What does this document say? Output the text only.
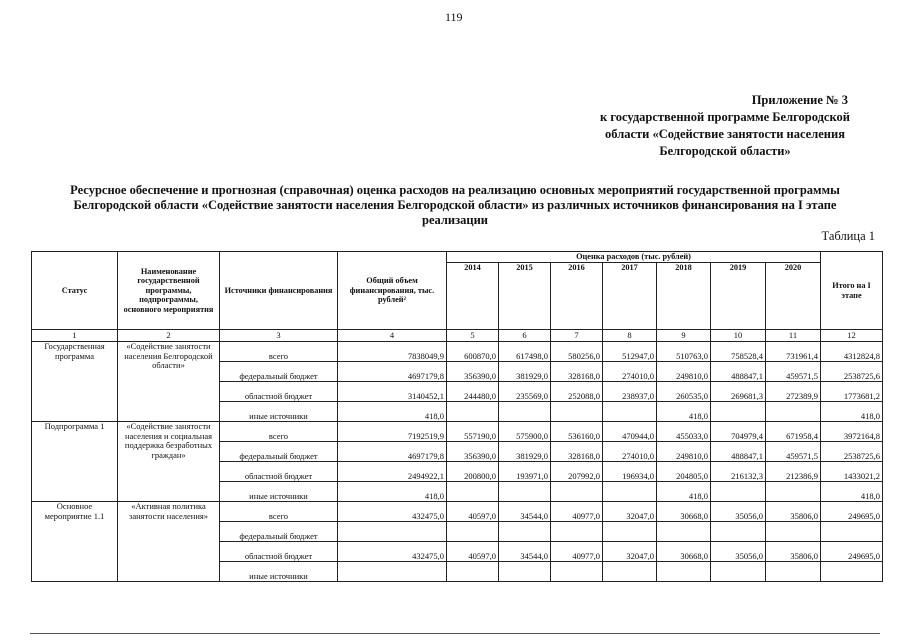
119
Приложение № 3
к государственной программе Белгородской
области «Содействие занятости населения
Белгородской области»
Ресурсное обеспечение и прогнозная (справочная) оценка расходов на реализацию основных мероприятий государственной программы Белгородской области «Содействие занятости населения Белгородской области» из различных источников финансирования на I этапе реализации
Таблица 1
Статус	Наименование государственной программы, подпрограммы, основного мероприятия	Источники финансирования	Общий объем финансирования, тыс. рублей²	Оценка расходов (тыс. рублей)							Итого на I этапе
				2014	2015	2016	2017	2018	2019	2020	
1	2	3	4	5	6	7	8	9	10	11	12
Государственная программа	«Содействие занятости населения Белгородской области»	всего	7838049,9	600870,0	617498,0	580256,0	512947,0	510763,0	758528,4	731961,4	4312824,8
		федеральный бюджет	4697179,8	356390,0	381929,0	328168,0	274010,0	249810,0	488847,1	459571,5	2538725,6
		областной бюджет	3140452,1	244480,0	235569,0	252088,0	238937,0	260535,0	269681,3	272389,9	1773681,2
		иные источники	418,0					418,0			418,0
Подпрограмма 1	«Содействие занятости населения и социальная поддержка безработных граждан»	всего	7192519,9	557190,0	575900,0	536160,0	470944,0	455033,0	704979,4	671958,4	3972164,8
		федеральный бюджет	4697179,8	356390,0	381929,0	328168,0	274010,0	249810,0	488847,1	459571,5	2538725,6
		областной бюджет	2494922,1	200800,0	193971,0	207992,0	196934,0	204805,0	216132,3	212386,9	1433021,2
		иные источники	418,0					418,0			418,0
Основное мероприятие 1.1	«Активная политика занятости населения»	всего	432475,0	40597,0	34544,0	40977,0	32047,0	30668,0	35056,0	35806,0	249695,0
		федеральный бюджет									
		областной бюджет	432475,0	40597,0	34544,0	40977,0	32047,0	30668,0	35056,0	35806,0	249695,0
		иные источники									
